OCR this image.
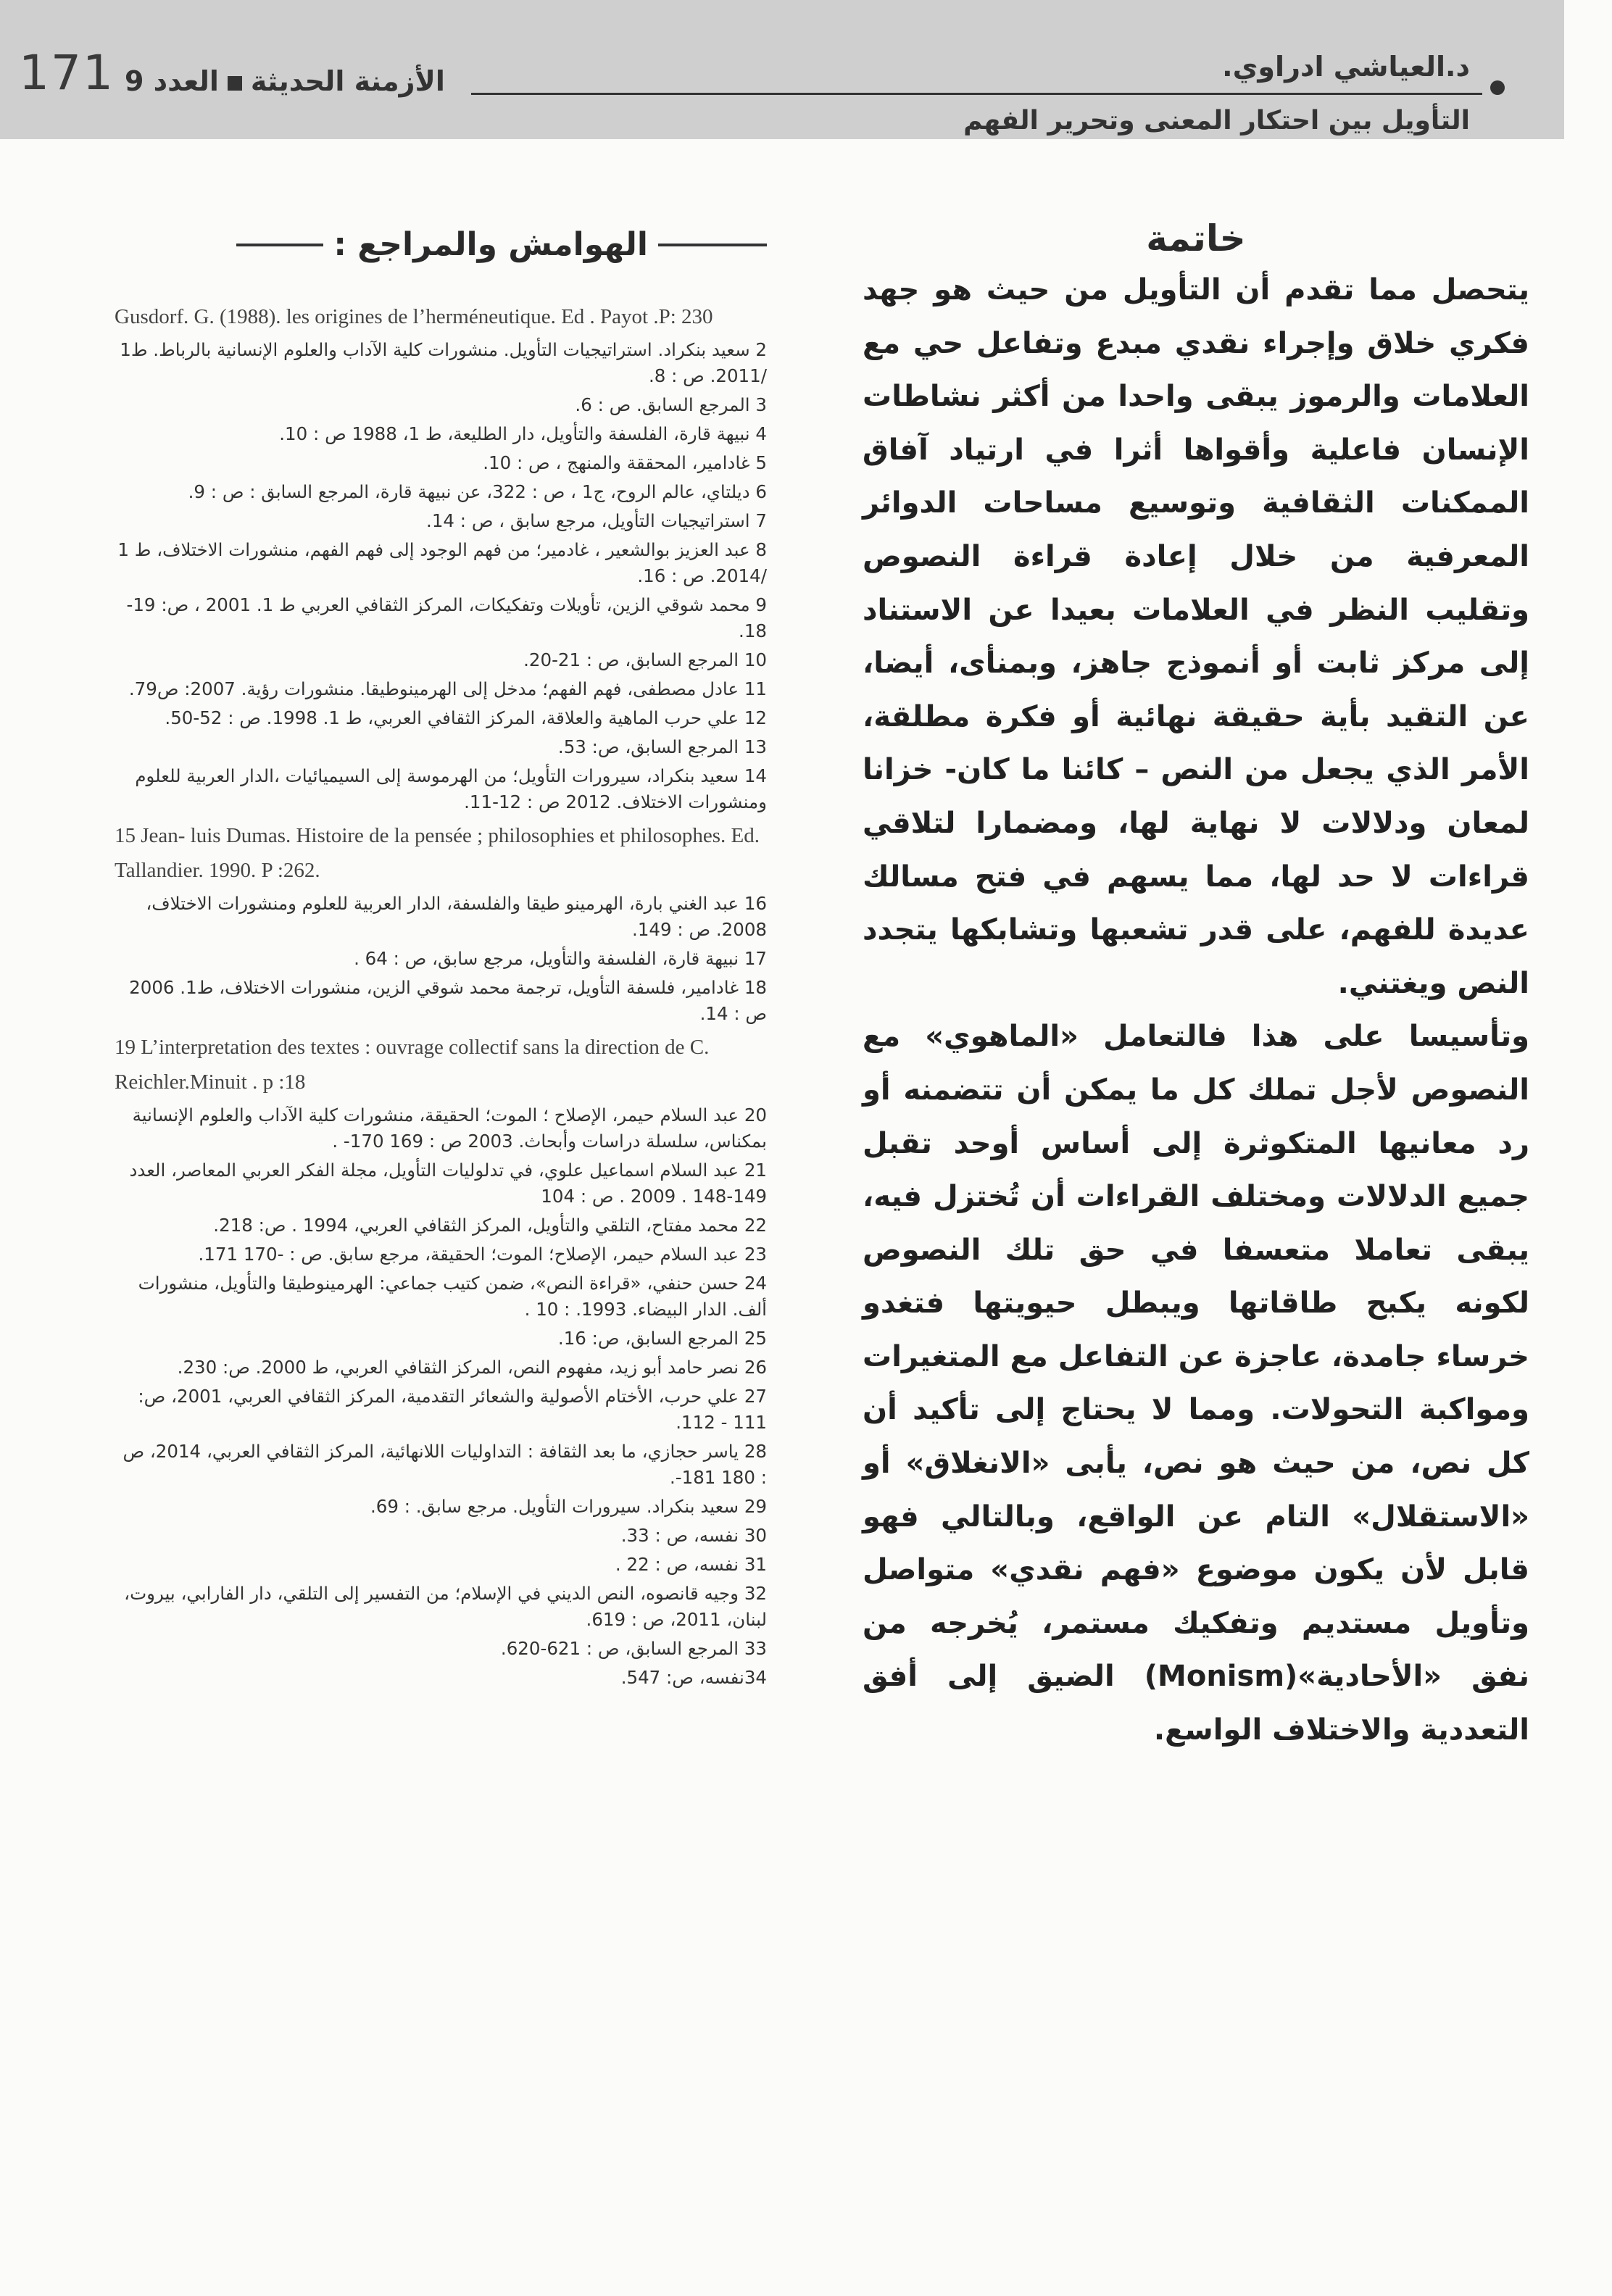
171	الأزمنة الحديثةالعدد 9	د.العياشي ادراوي.
التأويل بين احتكار المعنى وتحرير الفهم
خاتمة

يتحصل مما تقدم أن التأويل من حيث هو جهد فكري خلاق وإجراء نقدي مبدع وتفاعل حي مع العلامات والرموز يبقى واحدا من أكثر نشاطات الإنسان فاعلية وأقواها أثرا في ارتياد آفاق الممكنات الثقافية وتوسيع مساحات الدوائر المعرفية من خلال إعادة قراءة النصوص وتقليب النظر في العلامات بعيدا عن الاستناد إلى مركز ثابت أو أنموذج جاهز، وبمنأى، أيضا، عن التقيد بأية حقيقة نهائية أو فكرة مطلقة، الأمر الذي يجعل من النص – كائنا ما كان- خزانا لمعان ودلالات لا نهاية لها، ومضمارا لتلاقي قراءات لا حد لها، مما يسهم في فتح مسالك عديدة للفهم، على قدر تشعبها وتشابكها يتجدد النص ويغتني.

وتأسيسا على هذا فالتعامل «الماهوي» مع النصوص لأجل تملك كل ما يمكن أن تتضمنه أو رد معانيها المتكوثرة إلى أساس أوحد تقبل جميع الدلالات ومختلف القراءات أن تُختزل فيه، يبقى تعاملا متعسفا في حق تلك النصوص لكونه يكبح طاقاتها ويبطل حيويتها فتغدو خرساء جامدة، عاجزة عن التفاعل مع المتغيرات ومواكبة التحولات. ومما لا يحتاج إلى تأكيد أن كل نص، من حيث هو نص، يأبى «الانغلاق» أو «الاستقلال» التام عن الواقع، وبالتالي فهو قابل لأن يكون موضوع «فهم نقدي» متواصل وتأويل مستديم وتفكيك مستمر، يُخرجه من نفق «الأحادية»(Monism) الضيق إلى أفق التعددية والاختلاف الواسع.

الهوامش والمراجع :

Gusdorf. G. (1988). les origines de l’herméneutique. Ed . Payot .P: 230

2 سعيد بنكراد. استراتيجيات التأويل. منشورات كلية الآداب والعلوم الإنسانية بالرباط. ط1 /2011. ص : 8.

3 المرجع السابق. ص : 6.

4 نبيهة قارة، الفلسفة والتأويل، دار الطليعة، ط 1، 1988 ص : 10.

5 غادامير، المحققة والمنهج ، ص : 10.

6 ديلتاي، عالم الروح، ج1 ، ص : 322، عن نبيهة قارة، المرجع السابق : ص : 9.

7 استراتيجيات التأويل، مرجع سابق ، ص : 14.

8 عبد العزيز بوالشعير ، غادمير؛ من فهم الوجود إلى فهم الفهم، منشورات الاختلاف، ط 1 /2014. ص : 16.

9 محمد شوقي الزين، تأويلات وتفكيكات، المركز الثقافي العربي ط 1. 2001 ، ص: 19-18.

10 المرجع السابق، ص : 21-20.

11 عادل مصطفى، فهم الفهم؛ مدخل إلى الهرمينوطيقا. منشورات رؤية. 2007: ص79.

12 علي حرب الماهية والعلاقة، المركز الثقافي العربي، ط 1. 1998. ص : 52-50.

13 المرجع السابق، ص: 53.

14 سعيد بنكراد، سيرورات التأويل؛ من الهرموسة إلى السيميائيات ،الدار العربية للعلوم ومنشورات الاختلاف. 2012 ص : 12-11.

15 Jean- luis Dumas. Histoire de la pensée ; philosophies et philosophes. Ed. Tallandier. 1990. P :262.

16 عبد الغني بارة، الهرمينو طيقا والفلسفة، الدار العربية للعلوم ومنشورات الاختلاف، 2008. ص : 149.

17 نبيهة قارة، الفلسفة والتأويل، مرجع سابق، ص : 64 .

18 غادامير، فلسفة التأويل، ترجمة محمد شوقي الزين، منشورات الاختلاف، ط1. 2006 ص : 14.

19 L’interpretation des textes : ouvrage collectif sans la direction de C. Reichler.Minuit . p :18

20 عبد السلام حيمر، الإصلاح ؛ الموت؛ الحقيقة، منشورات كلية الآداب والعلوم الإنسانية بمكناس، سلسلة دراسات وأبحاث. 2003 ص : 169 170- .

21 عبد السلام اسماعيل علوي، في تدلوليات التأويل، مجلة الفكر العربي المعاصر، العدد 149-148 . 2009 . ص : 104

22 محمد مفتاح، التلقي والتأويل، المركز الثقافي العربي، 1994 . ص: 218.

23 عبد السلام حيمر، الإصلاح؛ الموت؛ الحقيقة، مرجع سابق. ص : -170 171.

24 حسن حنفي، «قراءة النص»، ضمن كتيب جماعي: الهرمينوطيقا والتأويل، منشورات ألف. الدار البيضاء. 1993. : 10 .

25 المرجع السابق، ص: 16.

26 نصر حامد أبو زيد، مفهوم النص، المركز الثقافي العربي، ط 2000. ص: 230.

27 علي حرب، الأختام الأصولية والشعائر التقدمية، المركز الثقافي العربي، 2001، ص: 111 - 112.

28 ياسر حجازي، ما بعد الثقافة : التداوليات اللانهائية، المركز الثقافي العربي، 2014، ص : 180 181-.

29 سعيد بنكراد. سيرورات التأويل. مرجع سابق. : 69.

30 نفسه، ص : 33.

31 نفسه، ص : 22 .

32 وجيه قانصوه، النص الديني في الإسلام؛ من التفسير إلى التلقي، دار الفارابي، بيروت، لبنان، 2011، ص : 619.

33 المرجع السابق، ص : 621-620.

34نفسه، ص: 547.
